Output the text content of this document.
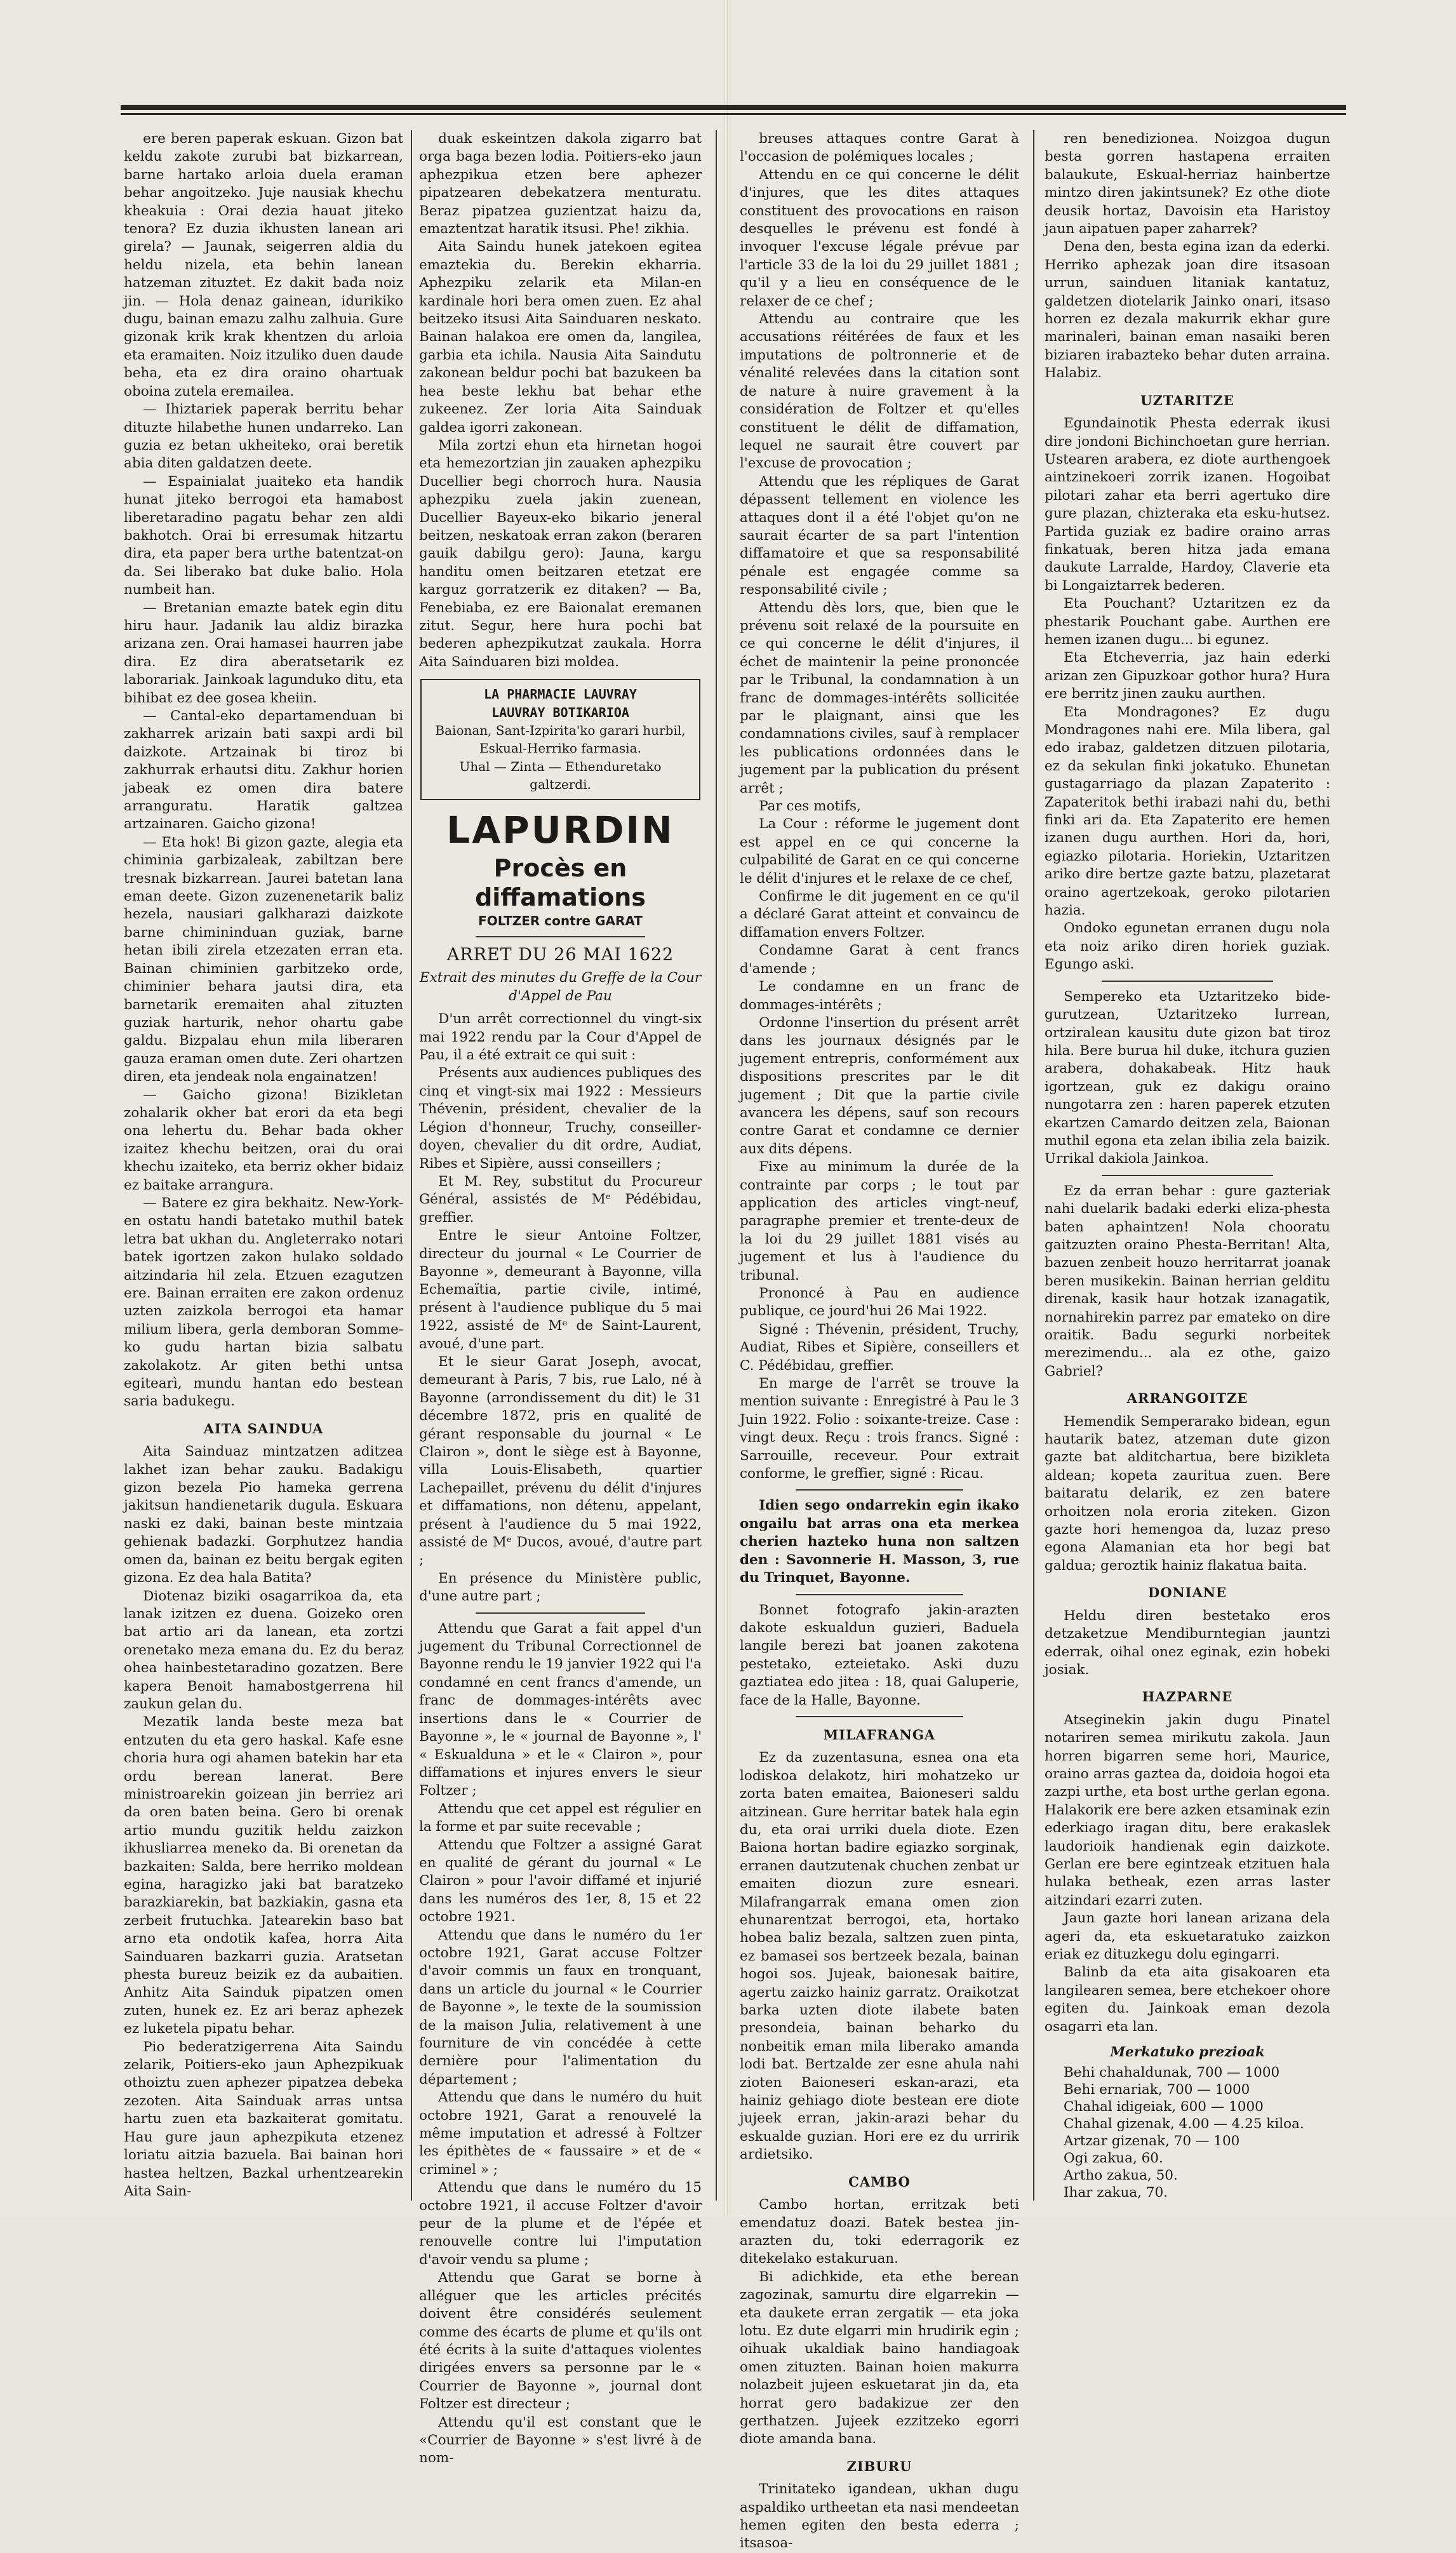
ere beren paperak eskuan. Gizon bat keldu zakote zurubi bat bizkarrean, barne hartako arloia duela eraman behar angoitzeko. Juje nausiak khechu kheakuia : Orai dezia hauat jiteko tenora? Ez duzia ikhusten lanean ari girela? — Jaunak, seigerren aldia du heldu nizela, eta behin lanean hatzeman zituztet. Ez dakit bada noiz jin. — Hola denaz gainean, idurikiko dugu, bainan emazu zalhu zalhuia. Gure gizonak krik krak khentzen du arloia eta eramaiten. Noiz itzuliko duen daude beha, eta ez dira oraino ohartuak oboina zutela eremailea.

— Ihiztariek paperak berritu behar dituzte hilabethe hunen undarreko. Lan guzia ez betan ukheiteko, orai beretik abia diten galdatzen deete.

— Espainialat juaiteko eta handik hunat jiteko berrogoi eta hamabost liberetaradino pagatu behar zen aldi bakhotch. Orai bi erresumak hitzartu dira, eta paper bera urthe batentzat-on da. Sei liberako bat duke balio. Hola numbeit han.

— Bretanian emazte batek egin ditu hiru haur. Jadanik lau aldiz birazka arizana zen. Orai hamasei haurren jabe dira. Ez dira aberatsetarik ez laborariak. Jainkoak lagunduko ditu, eta bihibat ez dee gosea kheiin.

— Cantal-eko departamenduan bi zakharrek arizain bati saxpi ardi bil daizkote. Artzainak bi tiroz bi zakhurrak erhautsi ditu. Zakhur horien jabeak ez omen dira batere arranguratu. Haratik galtzea artzainaren. Gaicho gizona!

— Eta hok! Bi gizon gazte, alegia eta chiminia garbizaleak, zabiltzan bere tresnak bizkarrean. Jaurei batetan lana eman deete. Gizon zuzenenetarik baliz hezela, nausiari galkharazi daizkote barne chimininduan guziak, barne hetan ibili zirela etzezaten erran eta. Bainan chiminien garbitzeko orde, chiminier behara jautsi dira, eta barnetarik eremaiten ahal zituzten guziak harturik, nehor ohartu gabe galdu. Bizpalau ehun mila liberaren gauza eraman omen dute. Zeri ohartzen diren, eta jendeak nola engainatzen!

— Gaicho gizona! Bizikletan zohalarik okher bat erori da eta begi ona lehertu du. Behar bada okher izaitez khechu beitzen, orai du orai khechu izaiteko, eta berriz okher bidaiz ez baitake arrangura.

— Batere ez gira bekhaitz. New-York-en ostatu handi batetako muthil batek letra bat ukhan du. Angleterrako notari batek igortzen zakon hulako soldado aitzindaria hil zela. Etzuen ezagutzen ere. Bainan erraiten ere zakon ordenuz uzten zaizkola berrogoi eta hamar milium libera, gerla demboran Somme-ko gudu hartan bizia salbatu zakolakotz. Ar giten bethi untsa egitearì, mundu hantan edo bestean saria badukegu.

AITA SAINDUA

Aita Sainduaz mintzatzen aditzea lakhet izan behar zauku. Badakigu gizon bezela Pio hameka gerrena jakitsun handienetarik dugula. Eskuara naski ez daki, bainan beste mintzaia gehienak badazki. Gorphutzez handia omen da, bainan ez beitu bergak egiten gizona. Ez dea hala Batita?

Diotenaz biziki osagarrikoa da, eta lanak izitzen ez duena. Goizeko oren bat artio ari da lanean, eta zortzi orenetako meza emana du. Ez du beraz ohea hainbestetaradino gozatzen. Bere kapera Benoit hamabostgerrena hil zaukun gelan du.

Mezatik landa beste meza bat entzuten du eta gero haskal. Kafe esne choria hura ogi ahamen batekin har eta ordu berean lanerat. Bere ministroarekin goizean jin berriez ari da oren baten beina. Gero bi orenak artio mundu guzitik heldu zaizkon ikhusliarrea meneko da. Bi orenetan da bazkaiten: Salda, bere herriko moldean egina, haragizko jaki bat baratzeko barazkiarekin, bat bazkiakin, gasna eta zerbeit frutuchka. Jatearekin baso bat arno eta ondotik kafea, horra Aita Sainduaren bazkarri guzia. Aratsetan phesta bureuz beizik ez da aubaitien. Anhitz Aita Sainduk pipatzen omen zuten, hunek ez. Ez ari beraz aphezek ez luketela pipatu behar.

Pio bederatzigerrena Aita Saindu zelarik, Poitiers-eko jaun Aphezpikuak othoiztu zuen aphezer pipatzea debeka zezoten. Aita Sainduak arras untsa hartu zuen eta bazkaiterat gomitatu. Hau gure jaun aphezpikuta etzenez loriatu aitzia bazuela. Bai bainan hori hastea heltzen, Bazkal urhentzearekin Aita Sain-

duak eskeintzen dakola zigarro bat orga baga bezen lodia. Poitiers-eko jaun aphezpikua etzen bere aphezer pipatzearen debekatzera menturatu. Beraz pipatzea guzientzat haizu da, emaztentzat haratik itsusi. Phe! zikhia.

Aita Saindu hunek jatekoen egitea emaztekia du. Berekin ekharria. Aphezpiku zelarik eta Milan-en kardinale hori bera omen zuen. Ez ahal beitzeko itsusi Aita Sainduaren neskato. Bainan halakoa ere omen da, langilea, garbia eta ichila. Nausia Aita Saindutu zakonean beldur pochi bat bazukeen ba hea beste lekhu bat behar ethe zukeenez. Zer loria Aita Sainduak galdea igorri zakonean.

Mila zortzi ehun eta hirnetan hogoi eta hemezortzian jin zauaken aphezpiku Ducellier begi chorroch hura. Nausia aphezpiku zuela jakin zuenean, Ducellier Bayeux-eko bikario jeneral beitzen, neskatoak erran zakon (beraren gauik dabilgu gero): Jauna, kargu handitu omen beitzaren etetzat ere karguz gorratzerik ez ditaken? — Ba, Fenebiaba, ez ere Baionalat eremanen zitut. Segur, here hura pochi bat bederen aphezpikutzat zaukala. Horra Aita Sainduaren bizi moldea.

LA PHARMACIE LAUVRAY

LAUVRAY BOTIKARIOA

Baionan, Sant-Izpirita'ko garari hurbil, Eskual-Herriko farmasia.

Uhal — Zinta — Ethenduretako galtzerdi.

LAPURDIN
Procès en diffamations
FOLTZER contre GARAT
ARRET DU 26 MAI 1622
Extrait des minutes du Greffe de la Cour d'Appel de Pau

D'un arrêt correctionnel du vingt-six mai 1922 rendu par la Cour d'Appel de Pau, il a été extrait ce qui suit :

Présents aux audiences publiques des cinq et vingt-six mai 1922 : Messieurs Thévenin, président, chevalier de la Légion d'honneur, Truchy, conseiller-doyen, chevalier du dit ordre, Audiat, Ribes et Sipière, aussi conseillers ;

Et M. Rey, substitut du Procureur Général, assistés de Mᵉ Pédébidau, greffier.

Entre le sieur Antoine Foltzer, directeur du journal « Le Courrier de Bayonne », demeurant à Bayonne, villa Echemaïtia, partie civile, intimé, présent à l'audience publique du 5 mai 1922, assisté de Mᵉ de Saint-Laurent, avoué, d'une part.

Et le sieur Garat Joseph, avocat, demeurant à Paris, 7 bis, rue Lalo, né à Bayonne (arrondissement du dit) le 31 décembre 1872, pris en qualité de gérant responsable du journal « Le Clairon », dont le siège est à Bayonne, villa Louis-Elisabeth, quartier Lachepaillet, prévenu du délit d'injures et diffamations, non détenu, appelant, présent à l'audience du 5 mai 1922, assisté de Mᵉ Ducos, avoué, d'autre part ;

En présence du Ministère public, d'une autre part ;

Attendu que Garat a fait appel d'un jugement du Tribunal Correctionnel de Bayonne rendu le 19 janvier 1922 qui l'a condamné en cent francs d'amende, un franc de dommages-intérêts avec insertions dans le « Courrier de Bayonne », le « journal de Bayonne », l' « Eskualduna » et le « Clairon », pour diffamations et injures envers le sieur Foltzer ;

Attendu que cet appel est régulier en la forme et par suite recevable ;

Attendu que Foltzer a assigné Garat en qualité de gérant du journal « Le Clairon » pour l'avoir diffamé et injurié dans les numéros des 1er, 8, 15 et 22 octobre 1921.

Attendu que dans le numéro du 1er octobre 1921, Garat accuse Foltzer d'avoir commis un faux en tronquant, dans un article du journal « le Courrier de Bayonne », le texte de la soumission de la maison Julia, relativement à une fourniture de vin concédée à cette dernière pour l'alimentation du département ;

Attendu que dans le numéro du huit octobre 1921, Garat a renouvelé la même imputation et adressé à Foltzer les épithètes de « faussaire » et de « criminel » ;

Attendu que dans le numéro du 15 octobre 1921, il accuse Foltzer d'avoir peur de la plume et de l'épée et renouvelle contre lui l'imputation d'avoir vendu sa plume ;

Attendu que Garat se borne à alléguer que les articles précités doivent être considérés seulement comme des écarts de plume et qu'ils ont été écrits à la suite d'attaques violentes dirigées envers sa personne par le « Courrier de Bayonne », journal dont Foltzer est directeur ;

Attendu qu'il est constant que le «Courrier de Bayonne » s'est livré à de nom-

breuses attaques contre Garat à l'occasion de polémiques locales ;

Attendu en ce qui concerne le délit d'injures, que les dites attaques constituent des provocations en raison desquelles le prévenu est fondé à invoquer l'excuse légale prévue par l'article 33 de la loi du 29 juillet 1881 ; qu'il y a lieu en conséquence de le relaxer de ce chef ;

Attendu au contraire que les accusations réitérées de faux et les imputations de poltronnerie et de vénalité relevées dans la citation sont de nature à nuire gravement à la considération de Foltzer et qu'elles constituent le délit de diffamation, lequel ne saurait être couvert par l'excuse de provocation ;

Attendu que les répliques de Garat dépassent tellement en violence les attaques dont il a été l'objet qu'on ne saurait écarter de sa part l'intention diffamatoire et que sa responsabilité pénale est engagée comme sa responsabilité civile ;

Attendu dès lors, que, bien que le prévenu soit relaxé de la poursuite en ce qui concerne le délit d'injures, il échet de maintenir la peine prononcée par le Tribunal, la condamnation à un franc de dommages-intérêts sollicitée par le plaignant, ainsi que les condamnations civiles, sauf à remplacer les publications ordonnées dans le jugement par la publication du présent arrêt ;

Par ces motifs,

La Cour : réforme le jugement dont est appel en ce qui concerne la culpabilité de Garat en ce qui concerne le délit d'injures et le relaxe de ce chef,

Confirme le dit jugement en ce qu'il a déclaré Garat atteint et convaincu de diffamation envers Foltzer.

Condamne Garat à cent francs d'amende ;

Le condamne en un franc de dommages-intérêts ;

Ordonne l'insertion du présent arrêt dans les journaux désignés par le jugement entrepris, conformément aux dispositions prescrites par le dit jugement ; Dit que la partie civile avancera les dépens, sauf son recours contre Garat et condamne ce dernier aux dits dépens.

Fixe au minimum la durée de la contrainte par corps ; le tout par application des articles vingt-neuf, paragraphe premier et trente-deux de la loi du 29 juillet 1881 visés au jugement et lus à l'audience du tribunal.

Prononcé à Pau en audience publique, ce jourd'hui 26 Mai 1922.

Signé : Thévenin, président, Truchy, Audiat, Ribes et Sipière, conseillers et C. Pédébidau, greffier.

En marge de l'arrêt se trouve la mention suivante : Enregistré à Pau le 3 Juin 1922. Folio : soixante-treize. Case : vingt deux. Reçu : trois francs. Signé : Sarrouille, receveur. Pour extrait conforme, le greffier, signé : Ricau.

Idien sego ondarrekin egin ikako ongailu bat arras ona eta merkea cherien hazteko huna non saltzen den : Savonnerie H. Masson, 3, rue du Trinquet, Bayonne.

Bonnet fotografo jakin-arazten dakote eskualdun guzieri, Baduela langile berezi bat joanen zakotena pestetako, ezteietako. Aski duzu gaztiatea edo jitea : 18, quai Galuperie, face de la Halle, Bayonne.

MILAFRANGA

Ez da zuzentasuna, esnea ona eta lodiskoa delakotz, hiri mohatzeko ur zorta baten emaitea, Baioneseri saldu aitzinean. Gure herritar batek hala egin du, eta orai urriki duela diote. Ezen Baiona hortan badire egiazko sorginak, erranen dautzutenak chuchen zenbat ur emaiten diozun zure esneari. Milafrangarrak emana omen zion ehunarentzat berrogoi, eta, hortako hobea baliz bezala, saltzen zuen pinta, ez bamasei sos bertzeek bezala, bainan hogoi sos. Jujeak, baionesak baitire, agertu zaizko hainiz garratz. Oraikotzat barka uzten diote ilabete baten presondeia, bainan beharko du nonbeitik eman mila liberako amanda lodi bat. Bertzalde zer esne ahula nahi zioten Baioneseri eskan-arazi, eta hainiz gehiago diote bestean ere diote jujeek erran, jakin-arazi behar du eskualde guzian. Hori ere ez du urririk ardietsiko.

CAMBO

Cambo hortan, erritzak beti emendatuz doazi. Batek bestea jin-arazten du, toki ederragorik ez ditekelako estakuruan.

Bi adichkide, eta ethe berean zagozinak, samurtu dire elgarrekin — eta daukete erran zergatik — eta joka lotu. Ez dute elgarri min hrudirik egin ; oihuak ukaldiak baino handiagoak omen zituzten. Bainan hoien makurra nolazbeit jujeen eskuetarat jin da, eta horrat gero badakizue zer den gerthatzen. Jujeek ezzitzeko egorri diote amanda bana.

ZIBURU

Trinitateko igandean, ukhan dugu aspaldiko urtheetan eta nasi mendeetan hemen egiten den besta ederra ; itsasoa-

ren benedizionea. Noizgoa dugun besta gorren hastapena erraiten balaukute, Eskual-herriaz hainbertze mintzo diren jakintsunek? Ez othe diote deusik hortaz, Davoisin eta Haristoy jaun aipatuen paper zaharrek?

Dena den, besta egina izan da ederki. Herriko aphezak joan dire itsasoan urrun, sainduen litaniak kantatuz, galdetzen diotelarik Jainko onari, itsaso horren ez dezala makurrik ekhar gure marinaleri, bainan eman nasaiki beren biziaren irabazteko behar duten arraina. Halabiz.

UZTARITZE

Egundainotik Phesta ederrak ikusi dire jondoni Bichinchoetan gure herrian. Ustearen arabera, ez diote aurthengoek aintzinekoeri zorrik izanen. Hogoibat pilotari zahar eta berri agertuko dire gure plazan, chizteraka eta esku-hutsez. Partida guziak ez badire oraino arras finkatuak, beren hitza jada emana daukute Larralde, Hardoy, Claverie eta bi Longaiztarrek bederen.

Eta Pouchant? Uztaritzen ez da phestarik Pouchant gabe. Aurthen ere hemen izanen dugu... bi egunez.

Eta Etcheverria, jaz hain ederki arizan zen Gipuzkoar gothor hura? Hura ere berritz jinen zauku aurthen.

Eta Mondragones? Ez dugu Mondragones nahi ere. Mila libera, gal edo irabaz, galdetzen ditzuen pilotaria, ez da sekulan finki jokatuko. Ehunetan gustagarriago da plazan Zapaterito : Zapateritok bethi irabazi nahi du, bethi finki ari da. Eta Zapaterito ere hemen izanen dugu aurthen. Hori da, hori, egiazko pilotaria. Horiekin, Uztaritzen ariko dire bertze gazte batzu, plazetarat oraino agertzekoak, geroko pilotarien hazia.

Ondoko egunetan erranen dugu nola eta noiz ariko diren horiek guziak. Egungo aski.

Sempereko eta Uztaritzeko bide-gurutzean, Uztaritzeko lurrean, ortziralean kausitu dute gizon bat tiroz hila. Bere burua hil duke, itchura guzien arabera, dohakabeak. Hitz hauk igortzean, guk ez dakigu oraino nungotarra zen : haren paperek etzuten ekartzen Camardo deitzen zela, Baionan muthil egona eta zelan ibilia zela baizik. Urrikal dakiola Jainkoa.

Ez da erran behar : gure gazteriak nahi duelarik badaki ederki eliza-phesta baten aphaintzen! Nola chooratu gaitzuzten oraino Phesta-Berritan! Alta, bazuen zenbeit houzo herritarrat joanak beren musikekin. Bainan herrian gelditu direnak, kasik haur hotzak izanagatik, nornahirekin parrez par emateko on dire oraitik. Badu segurki norbeitek merezimendu... ala ez othe, gaizo Gabriel?

ARRANGOITZE

Hemendik Semperarako bidean, egun hautarik batez, atzeman dute gizon gazte bat alditchartua, bere bizikleta aldean; kopeta zaurituа zuen. Bere baitaratu delarik, ez zen batere orhoitzen nola eroria ziteken. Gizon gazte hori hemengoa da, luzaz preso egona Alamanian eta hor begi bat galdua; geroztik hainiz flakatua baita.

DONIANE

Heldu diren bestetako eros detzaketzue Mendiburntegian jauntzi ederrak, oihal onez eginak, ezin hobeki josiak.

HAZPARNE

Atseginekin jakin dugu Pinatel notariren semea mirikutu zakola. Jaun horren bigarren seme hori, Maurice, oraino arras gaztea da, doidoia hogoi eta zazpi urthe, eta bost urthe gerlan egona. Halakorik ere bere azken etsaminak ezin ederkiago iragan ditu, bere erakaslek laudorioik handienak egin daizkote. Gerlan ere bere egintzeak etzituen hala hulaka betheak, ezen arras laster aitzindari ezarri zuten.

Jaun gazte hori lanean arizana dela ageri da, eta eskuetaratuko zaizkon eriak ez dituzkegu dolu egingarri.

Balinb da eta aita gisakoaren eta langilearen semea, bere etchekoer ohore egiten du. Jainkoak eman dezola osagarri eta lan.

Merkatuko prezioak
Behi chahaldunak, 700 — 1000
Behi ernariak, 700 — 1000
Chahal idigeiak, 600 — 1000
Chahal gizenak, 4.00 — 4.25 kiloa.
Artzar gizenak, 70 — 100
Ogi zakua, 60.
Artho zakua, 50.
Ihar zakua, 70.
